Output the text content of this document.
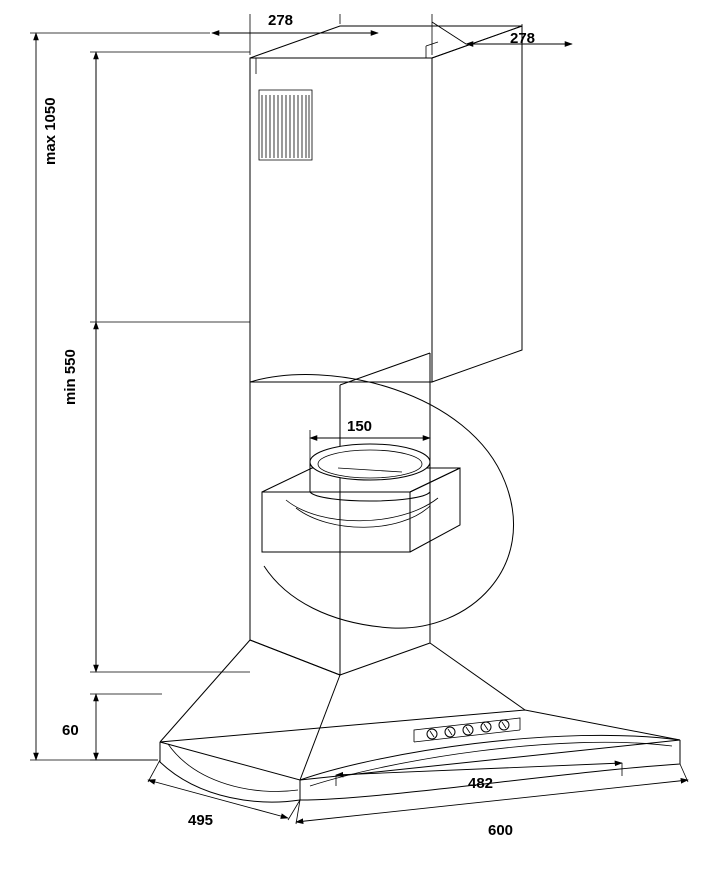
278
278
max 1050
min 550
150
60
482
495
600
